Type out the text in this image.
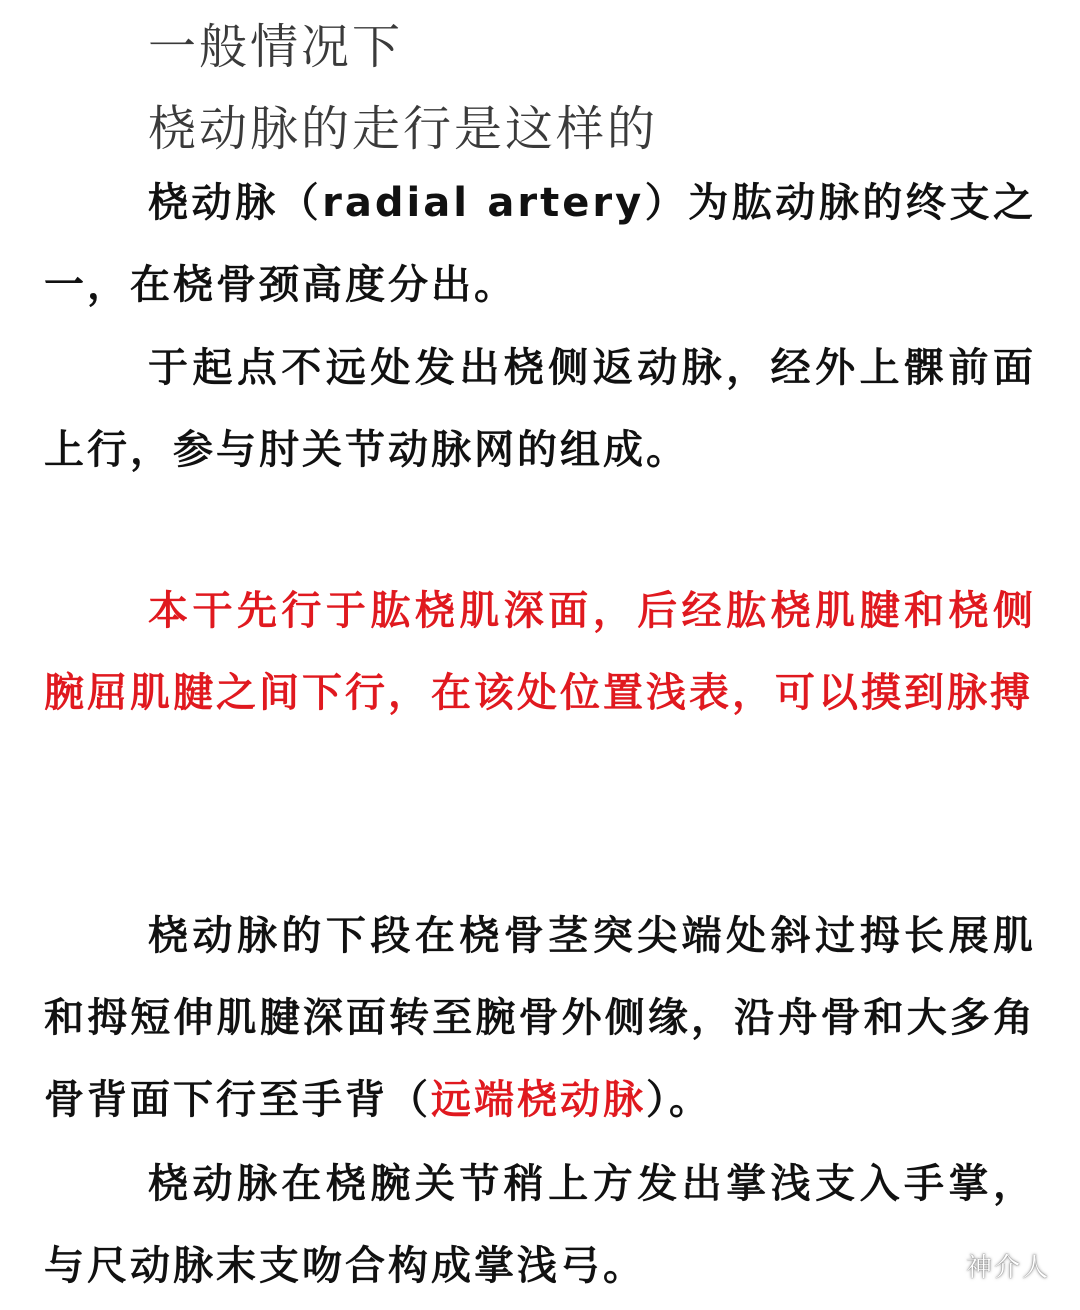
一般情况下
桡动脉的走行是这样的

桡动脉（radial artery）为肱动脉的终支之一，在桡骨颈高度分出。

于起点不远处发出桡侧返动脉，经外上髁前面上行，参与肘关节动脉网的组成。

本干先行于肱桡肌深面，后经肱桡肌腱和桡侧腕屈肌腱之间下行，在该处位置浅表，可以摸到脉搏

桡动脉的下段在桡骨茎突尖端处斜过拇长展肌和拇短伸肌腱深面转至腕骨外侧缘，沿舟骨和大多角骨背面下行至手背（远端桡动脉）。

桡动脉在桡腕关节稍上方发出掌浅支入手掌，与尺动脉末支吻合构成掌浅弓。	神介人
